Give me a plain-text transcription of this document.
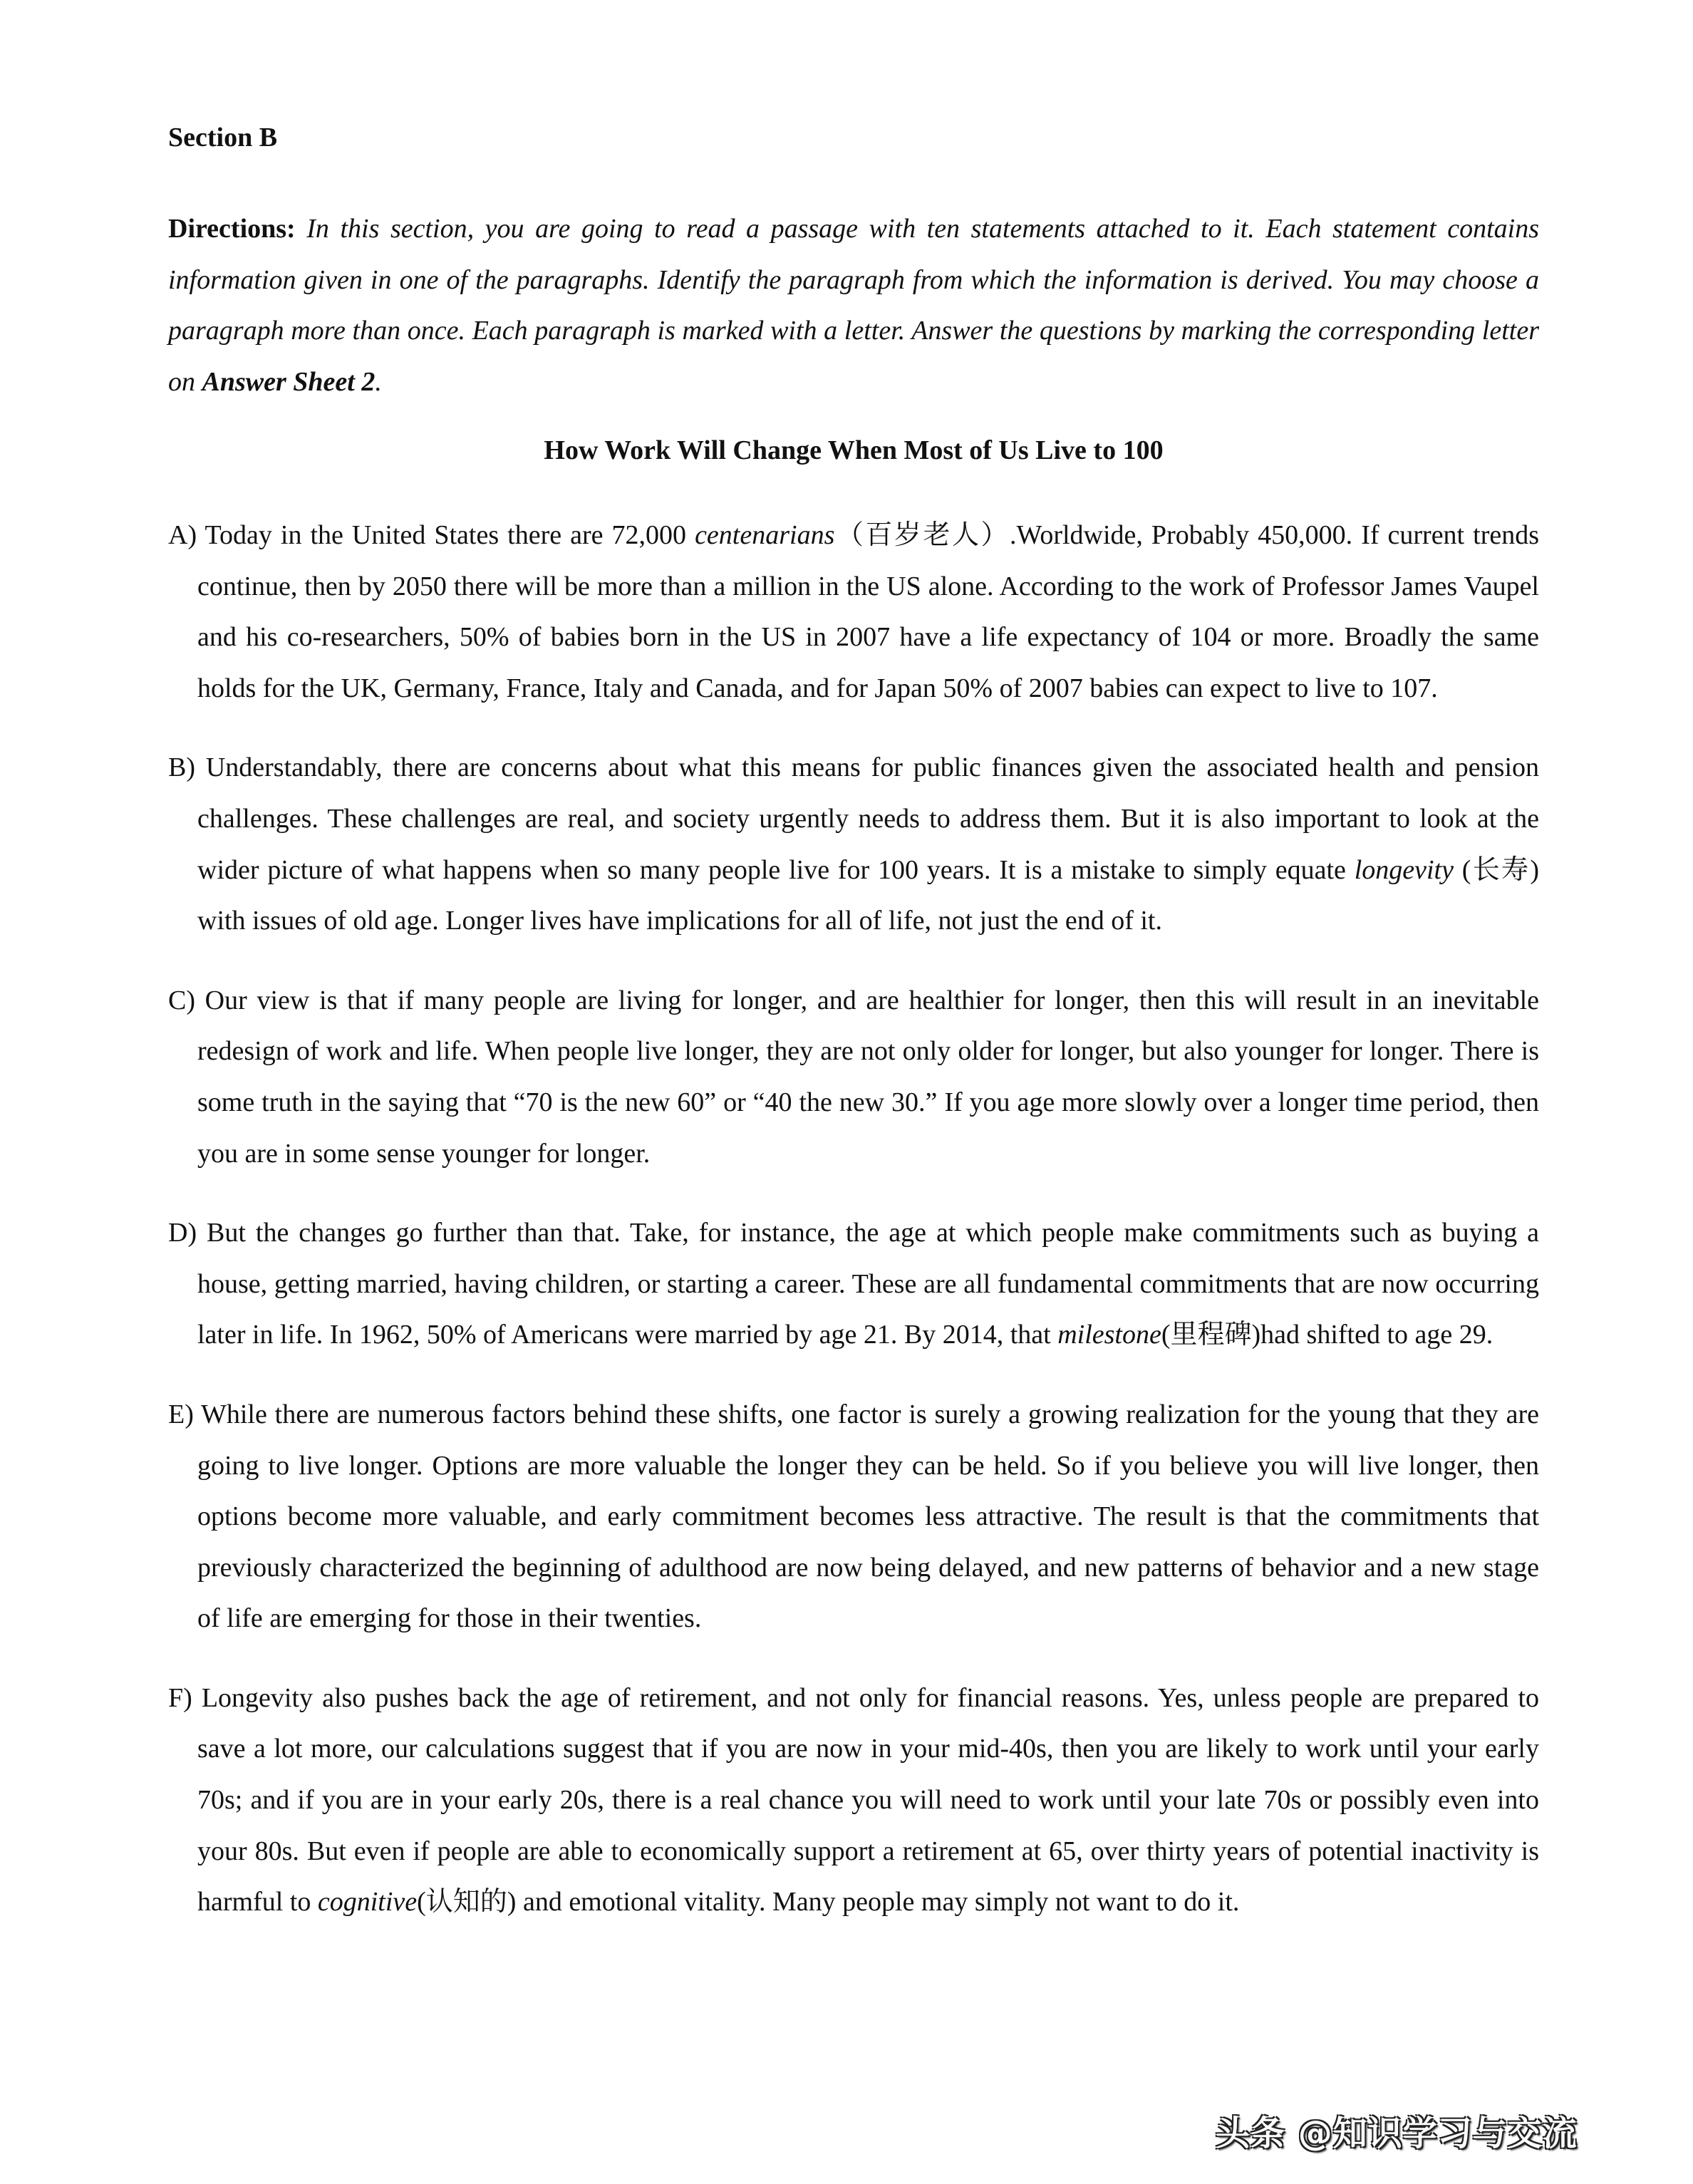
Section B
Directions: In this section, you are going to read a passage with ten statements attached to it. Each statement contains information given in one of the paragraphs. Identify the paragraph from which the information is derived. You may choose a paragraph more than once. Each paragraph is marked with a letter. Answer the questions by marking the corresponding letter on Answer Sheet 2.
How Work Will Change When Most of Us Live to 100

A) Today in the United States there are 72,000 centenarians（百岁老人）.Worldwide, Probably 450,000. If current trends continue, then by 2050 there will be more than a million in the US alone. According to the work of Professor James Vaupel and his co-researchers, 50% of babies born in the US in 2007 have a life expectancy of 104 or more. Broadly the same holds for the UK, Germany, France, Italy and Canada, and for Japan 50% of 2007 babies can expect to live to 107.

B) Understandably, there are concerns about what this means for public finances given the associated health and pension challenges. These challenges are real, and society urgently needs to address them. But it is also important to look at the wider picture of what happens when so many people live for 100 years. It is a mistake to simply equate longevity (长寿) with issues of old age. Longer lives have implications for all of life, not just the end of it.

C) Our view is that if many people are living for longer, and are healthier for longer, then this will result in an inevitable redesign of work and life. When people live longer, they are not only older for longer, but also younger for longer. There is some truth in the saying that “70 is the new 60” or “40 the new 30.” If you age more slowly over a longer time period, then you are in some sense younger for longer.

D) But the changes go further than that. Take, for instance, the age at which people make commitments such as buying a house, getting married, having children, or starting a career. These are all fundamental commitments that are now occurring later in life. In 1962, 50% of Americans were married by age 21. By 2014, that milestone(里程碑)had shifted to age 29.

E) While there are numerous factors behind these shifts, one factor is surely a growing realization for the young that they are going to live longer. Options are more valuable the longer they can be held. So if you believe you will live longer, then options become more valuable, and early commitment becomes less attractive. The result is that the commitments that previously characterized the beginning of adulthood are now being delayed, and new patterns of behavior and a new stage of life are emerging for those in their twenties.

F) Longevity also pushes back the age of retirement, and not only for financial reasons. Yes, unless people are prepared to save a lot more, our calculations suggest that if you are now in your mid-40s, then you are likely to work until your early 70s; and if you are in your early 20s, there is a real chance you will need to work until your late 70s or possibly even into your 80s. But even if people are able to economically support a retirement at 65, over thirty years of potential inactivity is harmful to cognitive(认知的) and emotional vitality. Many people may simply not want to do it.

头条 @知识学习与交流
